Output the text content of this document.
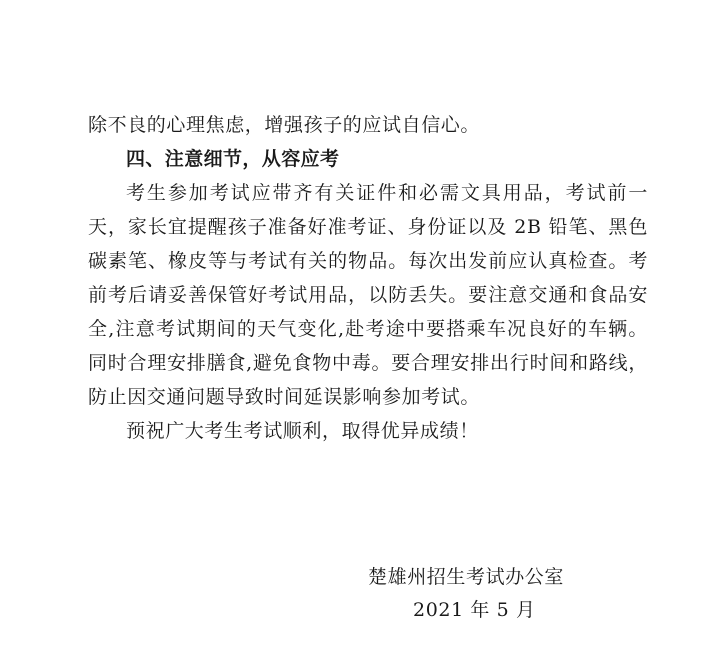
除不良的心理焦虑，增强孩子的应试自信心。
四、注意细节，从容应考
考生参加考试应带齐有关证件和必需文具用品，考试前一
天，家长宜提醒孩子准备好准考证、身份证以及 2B 铅笔、黑色
碳素笔、橡皮等与考试有关的物品。每次出发前应认真检查。考
前考后请妥善保管好考试用品，以防丢失。要注意交通和食品安
全,注意考试期间的天气变化,赴考途中要搭乘车况良好的车辆。
同时合理安排膳食,避免食物中毒。要合理安排出行时间和路线，
防止因交通问题导致时间延误影响参加考试。
预祝广大考生考试顺利，取得优异成绩！
楚雄州招生考试办公室
2021 年 5 月
